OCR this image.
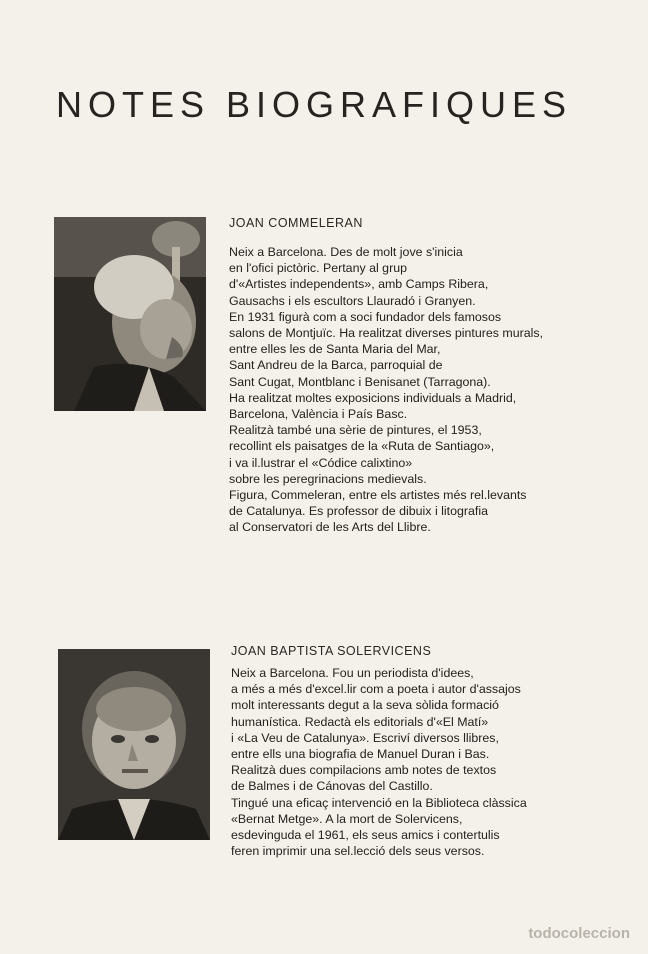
NOTES BIOGRAFIQUES
JOAN COMMELERAN
Neix a Barcelona. Des de molt jove s'inicia
en l'ofici pictòric. Pertany al grup
d'«Artistes independents», amb Camps Ribera,
Gausachs i els escultors Llauradó i Granyen.
En 1931 figurà com a soci fundador dels famosos
salons de Montjuïc. Ha realitzat diverses pintures murals,
entre elles les de Santa Maria del Mar,
Sant Andreu de la Barca, parroquial de
Sant Cugat, Montblanc i Benisanet (Tarragona).
Ha realitzat moltes exposicions individuals a Madrid,
Barcelona, València i País Basc.
Realitzà també una sèrie de pintures, el 1953,
recollint els paisatges de la «Ruta de Santiago»,
i va il.lustrar el «Códice calixtino»
sobre les peregrinacions medievals.
Figura, Commeleran, entre els artistes més rel.levants
de Catalunya. Es professor de dibuix i litografia
al Conservatori de les Arts del Llibre.
JOAN BAPTISTA SOLERVICENS
Neix a Barcelona. Fou un periodista d'idees,
a més a més d'excel.lir com a poeta i autor d'assajos
molt interessants degut a la seva sòlida formació
humanística. Redactà els editorials d'«El Matí»
i «La Veu de Catalunya». Escriví diversos llibres,
entre ells una biografia de Manuel Duran i Bas.
Realitzà dues compilacions amb notes de textos
de Balmes i de Cánovas del Castillo.
Tingué una eficaç intervenció en la Biblioteca clàssica
«Bernat Metge». A la mort de Solervicens,
esdevinguda el 1961, els seus amics i contertulis
feren imprimir una sel.lecció dels seus versos.
todocoleccion
